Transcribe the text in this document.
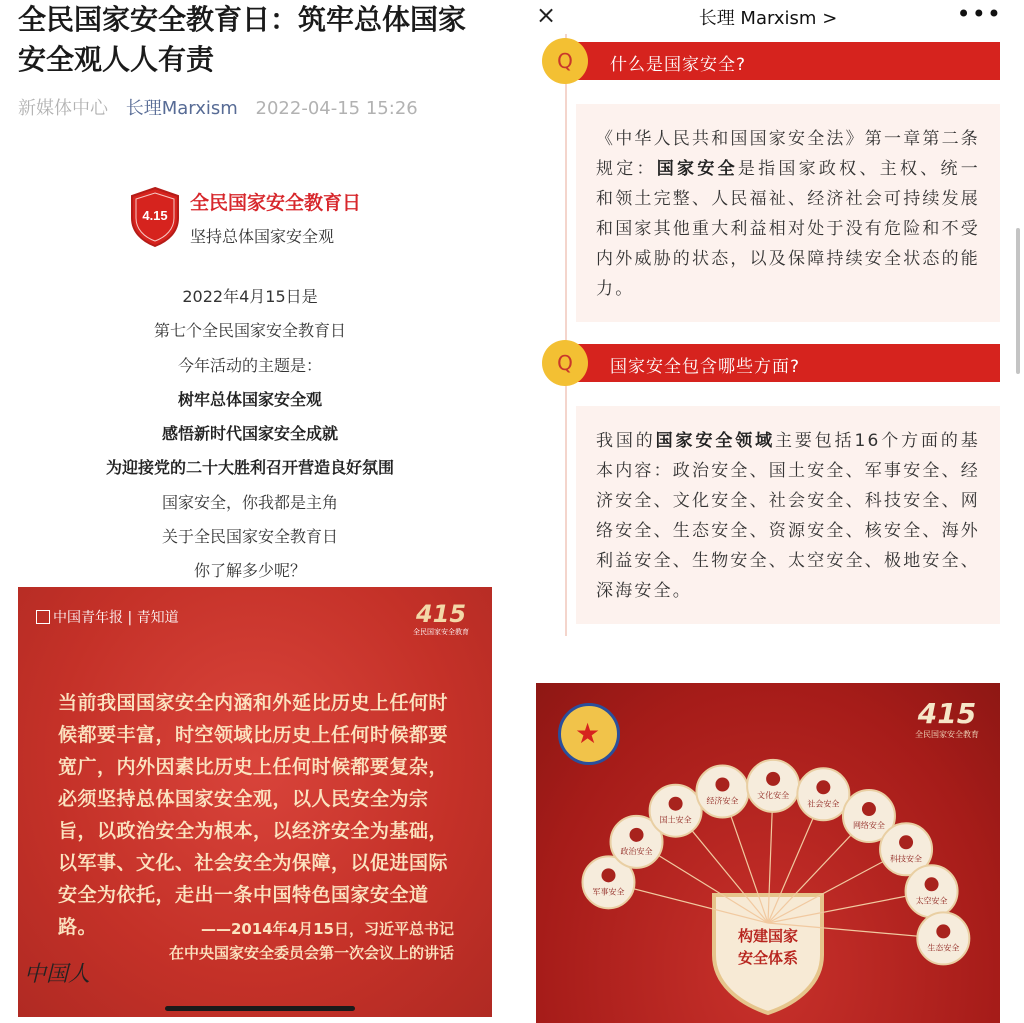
全民国家安全教育日：筑牢总体国家安全观人人有责
新媒体中心 长理Marxism 2022-04-15 15:26
4.15
全民国家安全教育日
坚持总体国家安全观

2022年4月15日是

第七个全民国家安全教育日

今年活动的主题是：

树牢总体国家安全观

感悟新时代国家安全成就

为迎接党的二十大胜利召开营造良好氛围

国家安全，你我都是主角

关于全民国家安全教育日

你了解多少呢？

中国青年报 | 青知道	415
全民国家安全教育
当前我国国家安全内涵和外延比历史上任何时候都要丰富，时空领域比历史上任何时候都要宽广，内外因素比历史上任何时候都要复杂，必须坚持总体国家安全观，以人民安全为宗旨，以政治安全为根本，以经济安全为基础，以军事、文化、社会安全为保障，以促进国际安全为依托，走出一条中国特色国家安全道路。	——2014年4月15日，习近平总书记
在中央国家安全委员会第一次会议上的讲话
中国人
×	长理 Marxism >	•••
什么是国家安全?
Q

《中华人民共和国国家安全法》第一章第二条规定：国家安全是指国家政权、主权、统一和领土完整、人民福祉、经济社会可持续发展和国家其他重大利益相对处于没有危险和不受内外威胁的状态，以及保障持续安全状态的能力。

国家安全包含哪些方面?
Q

我国的国家安全领域主要包括16个方面的基本内容：政治安全、国土安全、军事安全、经济安全、文化安全、社会安全、科技安全、网络安全、生态安全、资源安全、核安全、海外利益安全、生物安全、太空安全、极地安全、深海安全。

★
415
全民国家安全教育
军事安全
政治安全
国土安全
经济安全
文化安全
社会安全
网络安全
科技安全
太空安全
生态安全
构建国家
安全体系
